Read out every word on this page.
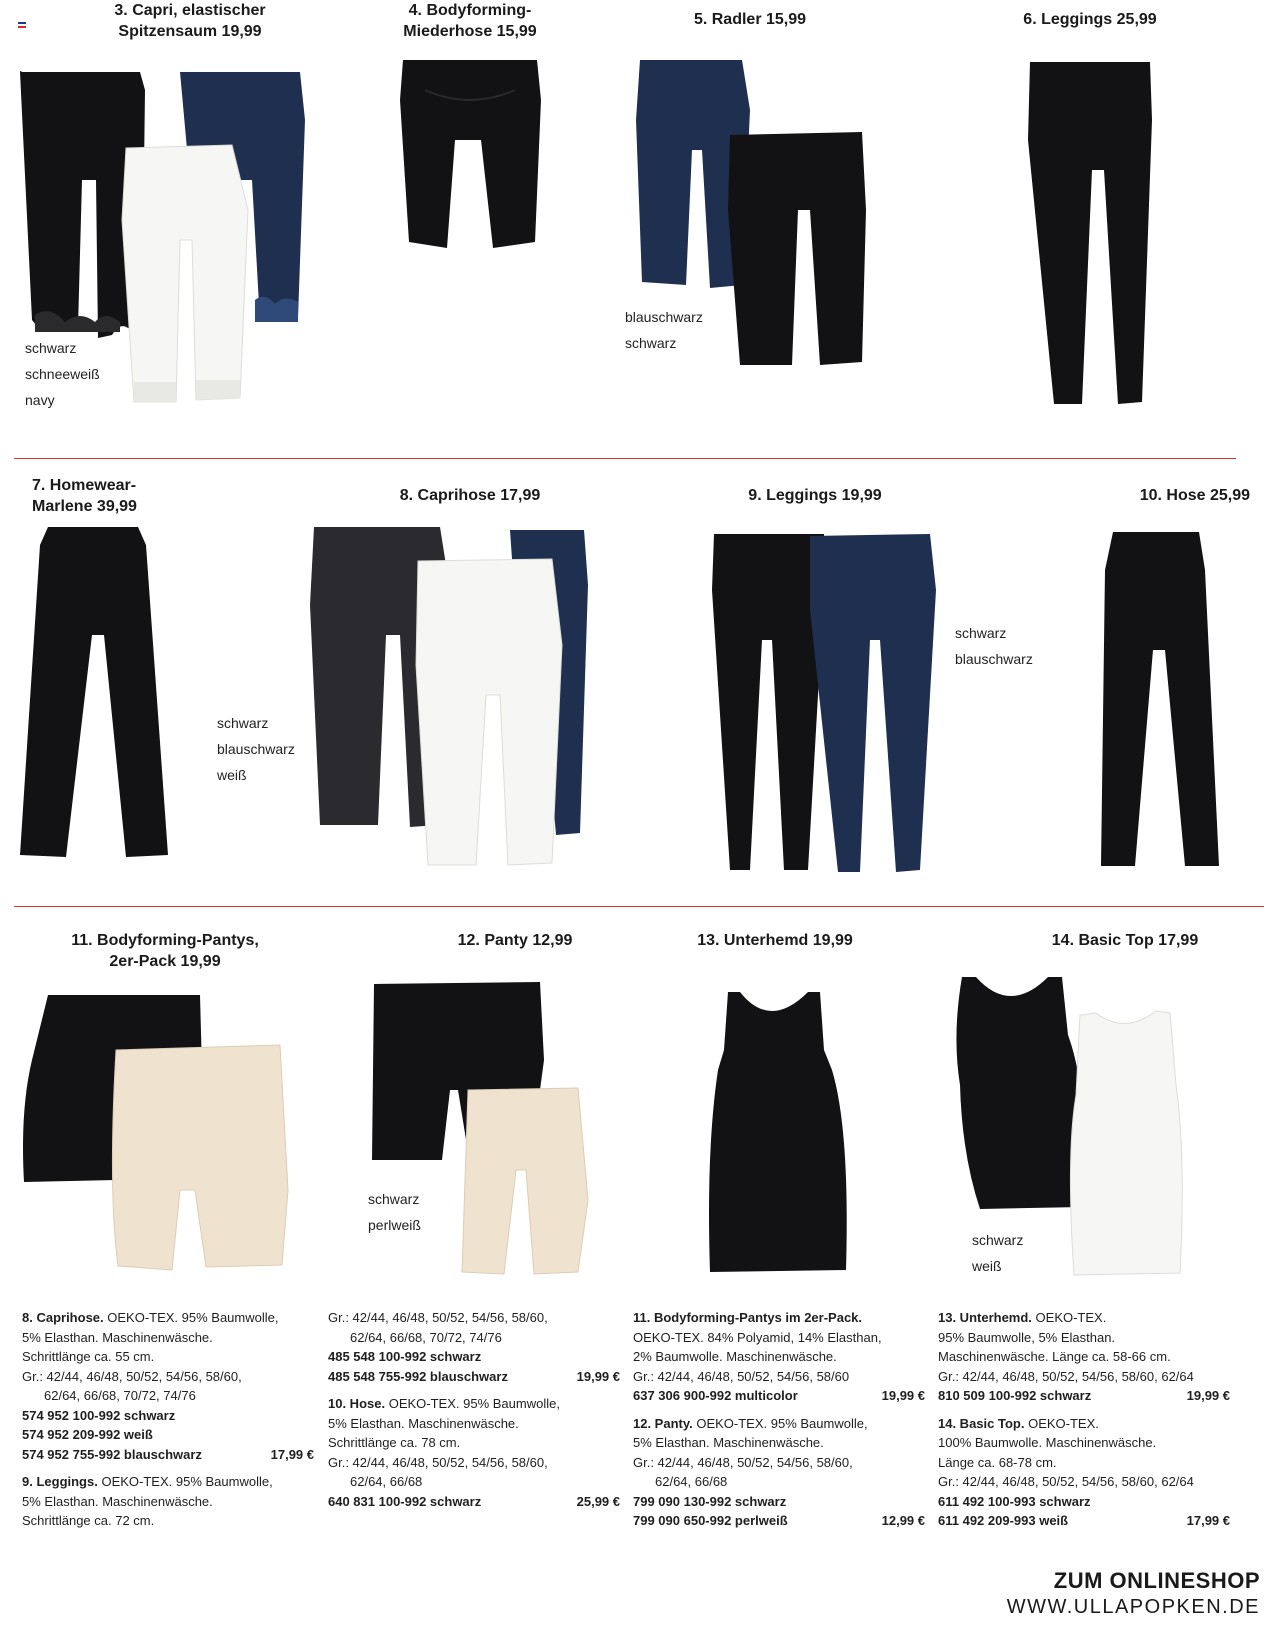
3. Capri, elastischer
Spitzensaum 19,99
4. Bodyforming-
Miederhose 15,99
5. Radler 15,99	6. Leggings 25,99
schwarz
schneeweiß
navy
blauschwarz
schwarz
7. Homewear-
Marlene 39,99
8. Caprihose 17,99	9. Leggings 19,99	10. Hose 25,99
schwarz
blauschwarz
weiß
schwarz
blauschwarz
11. Bodyforming-Pantys,
2er-Pack 19,99
12. Panty 12,99	13. Unterhemd 19,99	14. Basic Top 17,99
schwarz
perlweiß
schwarz
weiß
8. Caprihose. OEKO-TEX. 95% Baumwolle,
5% Elasthan. Maschinenwäsche.
Schrittlänge ca. 55 cm.
Gr.: 42/44, 46/48, 50/52, 54/56, 58/60,
62/64, 66/68, 70/72, 74/76
574 952 100-992 schwarz
574 952 209-992 weiß
574 952 755-992 blauschwarz	17,99 €
9. Leggings. OEKO-TEX. 95% Baumwolle,
5% Elasthan. Maschinenwäsche.
Schrittlänge ca. 72 cm.
Gr.: 42/44, 46/48, 50/52, 54/56, 58/60,
62/64, 66/68, 70/72, 74/76
485 548 100-992 schwarz
485 548 755-992 blauschwarz	19,99 €
10. Hose. OEKO-TEX. 95% Baumwolle,
5% Elasthan. Maschinenwäsche.
Schrittlänge ca. 78 cm.
Gr.: 42/44, 46/48, 50/52, 54/56, 58/60,
62/64, 66/68
640 831 100-992 schwarz	25,99 €
11. Bodyforming-Pantys im 2er-Pack.
OEKO-TEX. 84% Polyamid, 14% Elasthan,
2% Baumwolle. Maschinenwäsche.
Gr.: 42/44, 46/48, 50/52, 54/56, 58/60
637 306 900-992 multicolor	19,99 €
12. Panty. OEKO-TEX. 95% Baumwolle,
5% Elasthan. Maschinenwäsche.
Gr.: 42/44, 46/48, 50/52, 54/56, 58/60,
62/64, 66/68
799 090 130-992 schwarz
799 090 650-992 perlweiß	12,99 €
13. Unterhemd. OEKO-TEX.
95% Baumwolle, 5% Elasthan.
Maschinenwäsche. Länge ca. 58-66 cm.
Gr.: 42/44, 46/48, 50/52, 54/56, 58/60, 62/64
810 509 100-992 schwarz	19,99 €
14. Basic Top. OEKO-TEX.
100% Baumwolle. Maschinenwäsche.
Länge ca. 68-78 cm.
Gr.: 42/44, 46/48, 50/52, 54/56, 58/60, 62/64
611 492 100-993 schwarz
611 492 209-993 weiß	17,99 €
ZUM ONLINESHOP
WWW.ULLAPOPKEN.DE
